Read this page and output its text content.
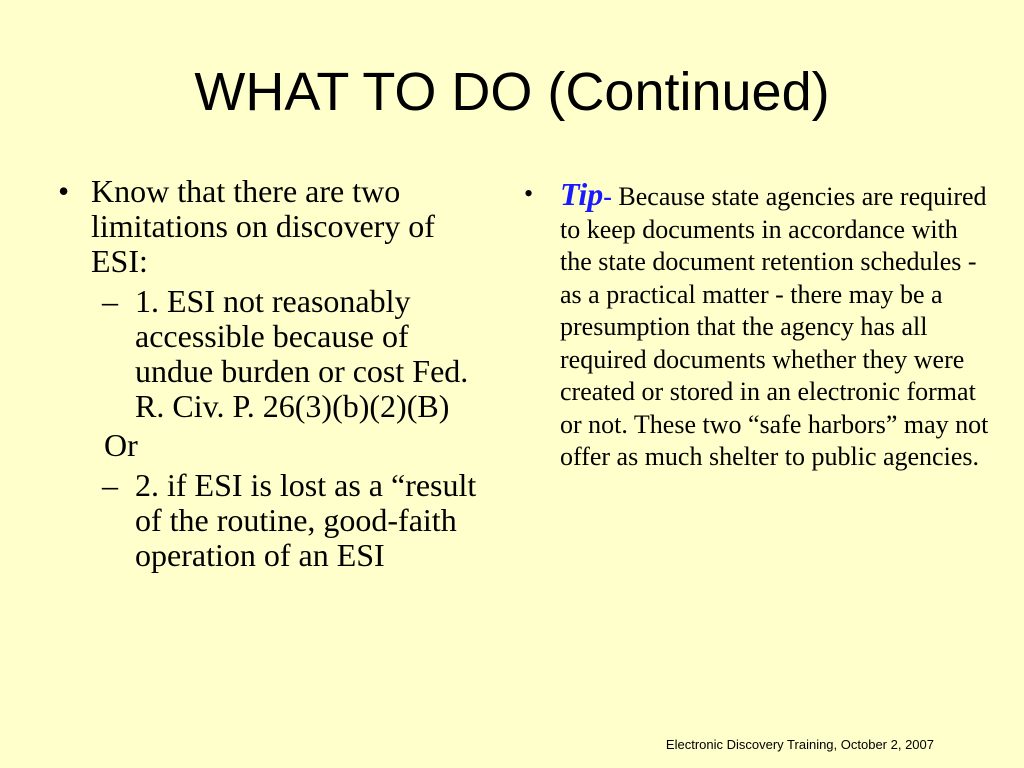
WHAT TO DO (Continued)
• Know that there are two limitations on discovery of ESI:
– 1. ESI not reasonably accessible because of undue burden or cost Fed. R. Civ. P. 26(3)(b)(2)(B)
Or
– 2. if ESI is lost as a “result of the routine, good-faith operation of an ESI
• Tip- Because state agencies are required to keep documents in accordance with the state document retention schedules - as a practical matter - there may be a presumption that the agency has all required documents whether they were created or stored in an electronic format or not. These two “safe harbors” may not offer as much shelter to public agencies.
Electronic Discovery Training, October 2, 2007
